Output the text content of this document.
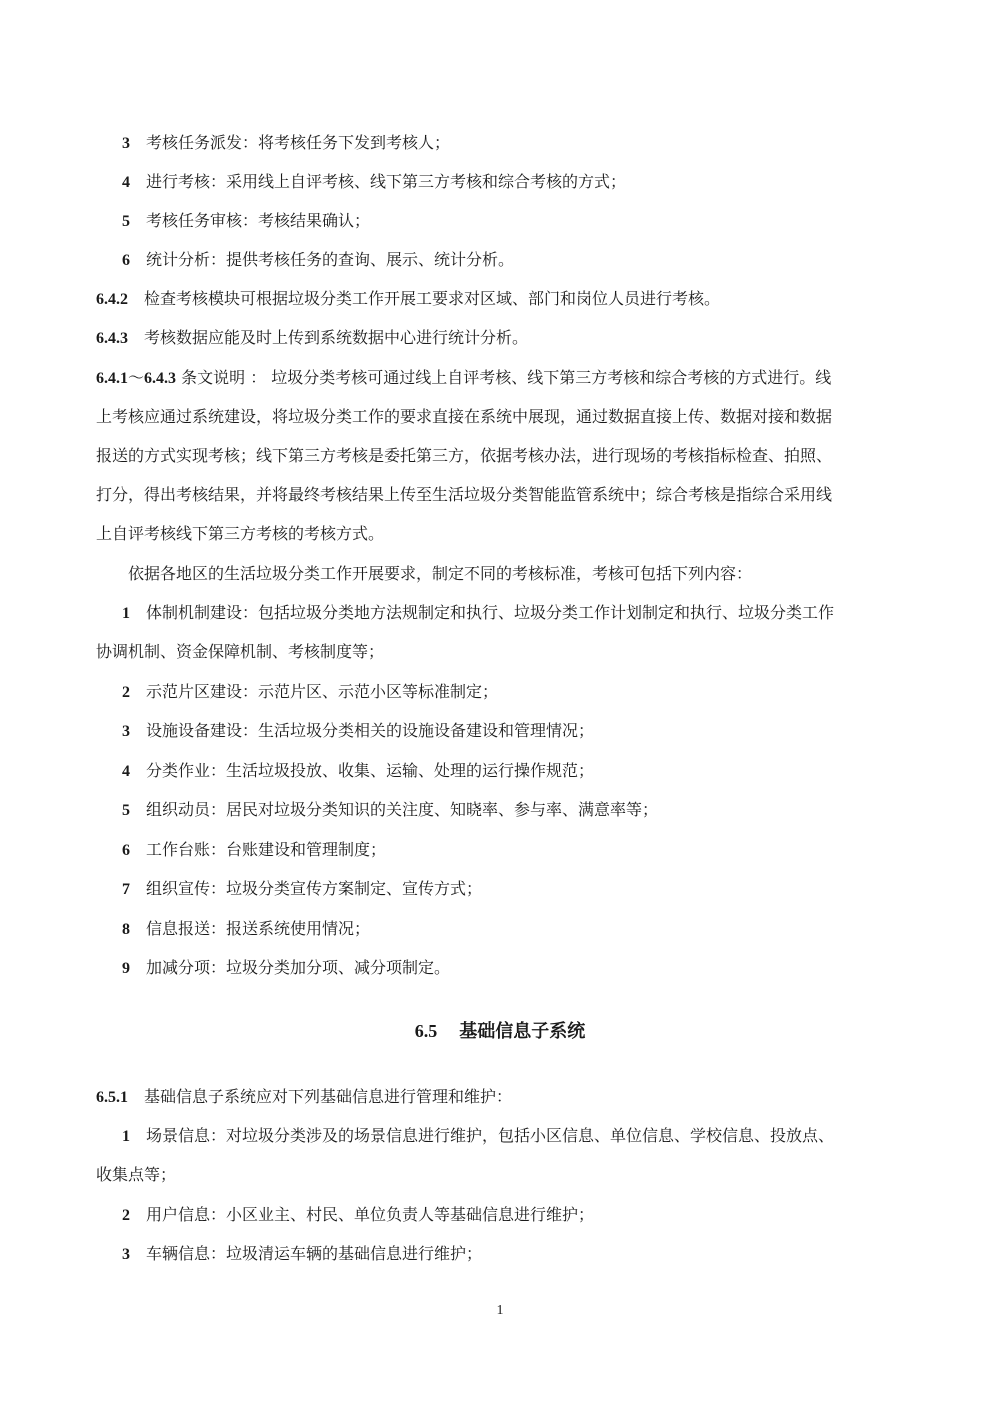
3 考核任务派发：将考核任务下发到考核人；
4 进行考核：采用线上自评考核、线下第三方考核和综合考核的方式；
5 考核任务审核：考核结果确认；
6 统计分析：提供考核任务的查询、展示、统计分析。
6.4.2 检查考核模块可根据垃圾分类工作开展工要求对区域、部门和岗位人员进行考核。
6.4.3 考核数据应能及时上传到系统数据中心进行统计分析。
6.4.1～6.4.3 条文说明 ： 垃圾分类考核可通过线上自评考核、线下第三方考核和综合考核的方式进行。线
上考核应通过系统建设，将垃圾分类工作的要求直接在系统中展现，通过数据直接上传、数据对接和数据
报送的方式实现考核；线下第三方考核是委托第三方，依据考核办法，进行现场的考核指标检查、拍照、
打分，得出考核结果，并将最终考核结果上传至生活垃圾分类智能监管系统中；综合考核是指综合采用线
上自评考核线下第三方考核的考核方式。
依据各地区的生活垃圾分类工作开展要求，制定不同的考核标准，考核可包括下列内容：
1 体制机制建设：包括垃圾分类地方法规制定和执行、垃圾分类工作计划制定和执行、垃圾分类工作
协调机制、资金保障机制、考核制度等；
2 示范片区建设：示范片区、示范小区等标准制定；
3 设施设备建设：生活垃圾分类相关的设施设备建设和管理情况；
4 分类作业：生活垃圾投放、收集、运输、处理的运行操作规范；
5 组织动员：居民对垃圾分类知识的关注度、知晓率、参与率、满意率等；
6 工作台账：台账建设和管理制度；
7 组织宣传：垃圾分类宣传方案制定、宣传方式；
8 信息报送：报送系统使用情况；
9 加减分项：垃圾分类加分项、减分项制定。
6.5 基础信息子系统
6.5.1 基础信息子系统应对下列基础信息进行管理和维护：
1 场景信息：对垃圾分类涉及的场景信息进行维护，包括小区信息、单位信息、学校信息、投放点、
收集点等；
2 用户信息：小区业主、村民、单位负责人等基础信息进行维护；
3 车辆信息：垃圾清运车辆的基础信息进行维护；
1
